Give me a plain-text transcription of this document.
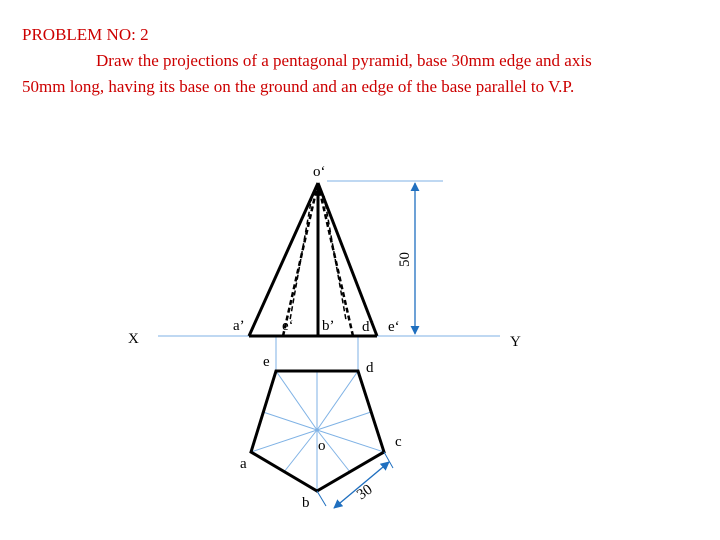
PROBLEM NO: 2
Draw the projections of a pentagonal pyramid, base 30mm edge and axis
50mm long, having its base on the ground and an edge of the base parallel to V.P.
X	Y
50
o‘
a’ e‘ b’ d‘ e‘
30
e	d
a
b
c
o
